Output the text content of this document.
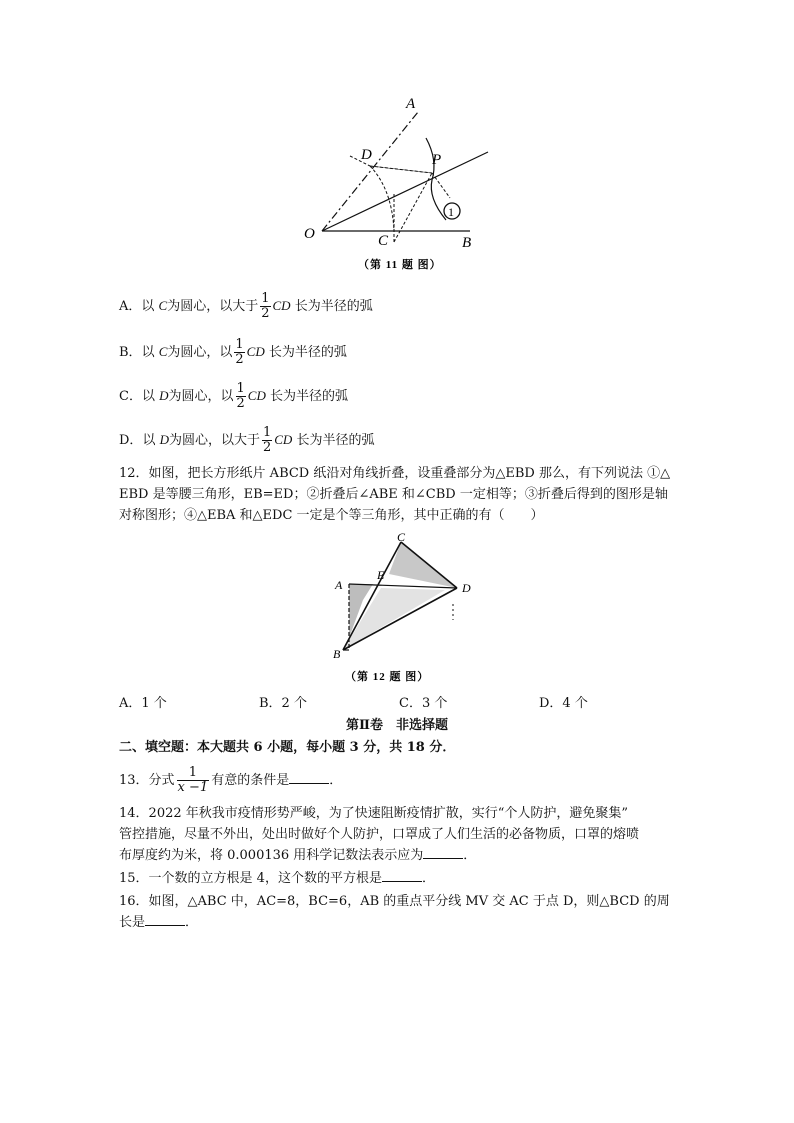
A
D	P
O	C	B
1
（第 11 题 图）
A．以 C为圆心，以大于 $\frac{1}{2}$ CD 长为半径的弧
B．以 C为圆心，以 $\frac{1}{2}$ CD 长为半径的弧
C．以 D为圆心，以 $\frac{1}{2}$ CD 长为半径的弧
D．以 D为圆心，以大于 $\frac{1}{2}$ CD 长为半径的弧
12．如图，把长方形纸片 ABCD 纸沿对角线折叠，设重叠部分为△EBD 那么，有下列说法 ①△
EBD 是等腰三角形，EB=ED；②折叠后∠ABE 和∠CBD 一定相等；③折叠后得到的图形是轴
对称图形；④△EBA 和△EDC 一定是个等三角形，其中正确的有（　　）
C
A
E
D
B
（第 12 题 图）
A．1 个	B．2 个	C．3 个	D．4 个
第Ⅱ卷　非选择题
二、填空题：本大题共 6 小题，每小题 3 分，共 18 分．
13．分式 $\frac{1}{x -1}$ 有意的条件是	．
14．2022 年秋我市疫情形势严峻，为了快速阻断疫情扩散，实行“个人防护，避免聚集”
管控措施，尽量不外出，处出时做好个人防护，口罩成了人们生活的必备物质，口罩的熔喷
布厚度约为米，将 0.000136 用科学记数法表示应为	．
15．一个数的立方根是 4，这个数的平方根是	．
16．如图，△ABC 中，AC=8，BC=6，AB 的重点平分线 MV 交 AC 于点 D，则△BCD 的周
长是	．
